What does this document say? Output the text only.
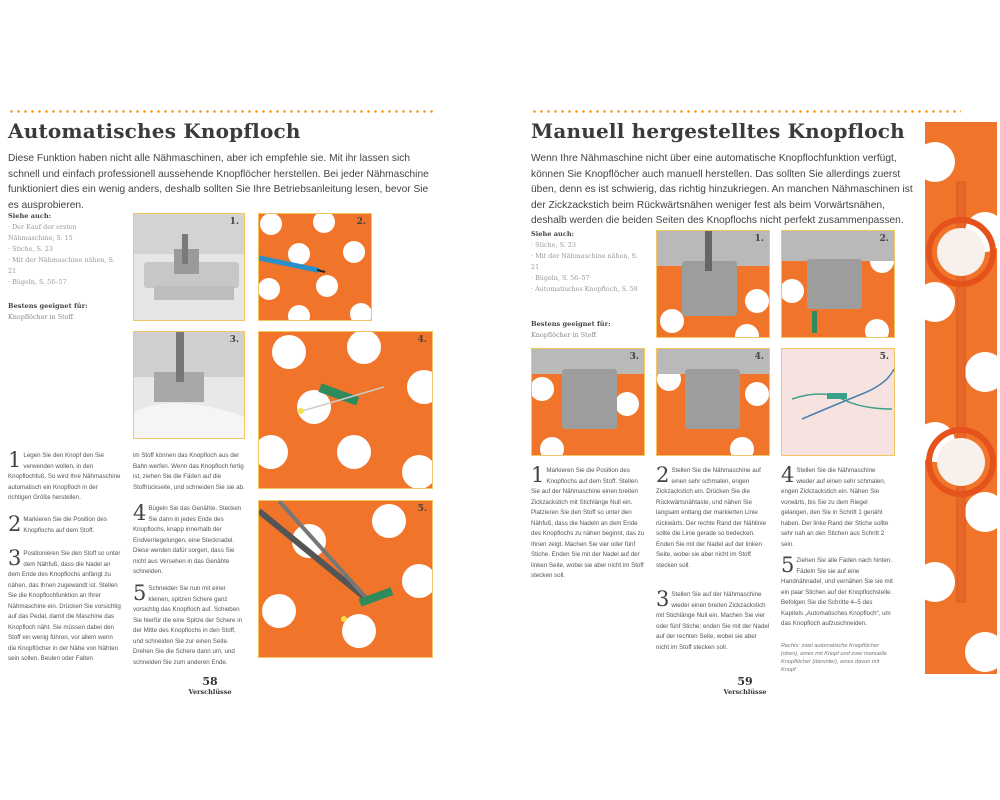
Automatisches Knopfloch

Diese Funktion haben nicht alle Nähmaschinen, aber ich empfehle sie. Mit ihr lassen sich schnell und einfach professionell aussehende Knopflöcher herstellen. Bei jeder Nähmaschine funktioniert dies ein wenig anders, deshalb sollten Sie Ihre Betriebsanleitung lesen, bevor Sie es ausprobieren.

Siehe auch:
· Der Kauf der ersten Nähmaschine, S. 15
· Stiche, S. 23
· Mit der Nähmaschine nähen, S. 21
· Bügeln, S. 56–57
Bestens geeignet für:
Knopflöcher in Stoff
1.	2.
3.	4.
5.
1 Legen Sie den Knopf den Sie verwenden wollen, in den Knopflochfuß. So wird Ihre Nähmaschine automatisch ein Knopfloch in der richtigen Größe herstellen.
2 Markieren Sie die Position des Knopflochs auf dem Stoff.
3 Positionieren Sie den Stoff so unter dem Nähfuß, dass die Nadel an dem Ende des Knopflochs anfängt zu nähen, das Ihnen zugewandt ist. Stellen Sie die Knopflochfunktion an Ihrer Nähmaschine ein. Drücken Sie vorsichtig auf das Pedal, damit die Maschine das Knopfloch näht. Sie müssen dabei den Stoff ein wenig führen, vor allem wenn die Knopflöcher in der Nähe von Nähten sein sollen. Beulen oder Falten
im Stoff können das Knopfloch aus der Bahn werfen. Wenn das Knopfloch fertig ist, ziehen Sie die Fäden auf die Stoffrückseite, und schneiden Sie sie ab.
4 Bügeln Sie das Genähte. Stecken Sie dann in jedes Ende des Knopflochs, knapp innerhalb der Endverriegelungen, eine Stecknadel. Diese werden dafür sorgen, dass Sie nicht aus Versehen in das Genähte schneiden.
5 Schneiden Sie nun mit einer kleinen, spitzen Schere ganz vorsichtig das Knopfloch auf. Schieben Sie hierfür die eine Spitze der Schere in der Mitte des Knopflochs in den Stoff, und schneiden Sie zur einen Seite. Drehen Sie die Schere dann um, und schneiden Sie zum anderen Ende.
58
Verschlüsse
Manuell hergestelltes Knopfloch

Wenn Ihre Nähmaschine nicht über eine automatische Knopflochfunktion verfügt, können Sie Knopflöcher auch manuell herstellen. Das sollten Sie allerdings zuerst üben, denn es ist schwierig, das richtig hinzukriegen. An manchen Nähmaschinen ist der Zickzackstich beim Rückwärtsnähen weniger fest als beim Vorwärtsnähen, deshalb werden die beiden Seiten des Knopflochs nicht perfekt zusammenpassen.

Siehe auch:
· Stiche, S. 23
· Mit der Nähmaschine nähen, S. 21
· Bügeln, S. 56–57
· Automatisches Knopfloch, S. 58
Bestens geeignet für:
Knopflöcher in Stoff
1.	2.
3.	4.	5.
1 Markieren Sie die Position des Knopflochs auf dem Stoff. Stellen Sie auf der Nähmaschine einen breiten Zickzackstich mit Stichlänge Null ein. Platzieren Sie den Stoff so unter den Nähfuß, dass die Nadeln an dem Ende des Knopflochs zu nähen beginnt, das zu Ihnen zeigt. Machen Sie vier oder fünf Stiche. Enden Sie mit der Nadel auf der linken Seite, wobei sie aber nicht im Stoff stecken soll.
2 Stellen Sie die Nähmaschine auf einen sehr schmalen, engen Zickzackstich ein. Drücken Sie die Rückwärtsnähtaste, und nähen Sie langsam entlang der markierten Linie rückwärts. Der rechte Rand der Nählinie sollte die Linie gerade so bedecken. Enden Sie mit der Nadel auf der linken Seite, wobei sie aber nicht im Stoff stecken soll.
3 Stellen Sie auf der Nähmaschine wieder einen breiten Zickzackstich mit Stichlänge Null ein. Machen Sie vier oder fünf Stiche; enden Sie mit der Nadel auf der rechten Seite, wobei sie aber nicht im Stoff stecken soll.
4 Stellen Sie die Nähmaschine wieder auf einen sehr schmalen, engen Zickzackstich ein. Nähen Sie vorwärts, bis Sie zu dem Riegel gelangen, den Sie in Schritt 1 genäht haben. Der linke Rand der Stiche sollte sehr nah an den Stichen aus Schritt 2 sein.
5 Ziehen Sie alle Fäden nach hinten. Fädeln Sie sie auf eine Handnähnadel, und vernähen Sie sie mit ein paar Stichen auf der Knopflochstelle. Befolgen Sie die Schritte 4–5 des Kapitels „Automatisches Knopfloch“, um das Knopfloch aufzuschneiden.
Rechts: zwei automatische Knopflöcher (oben), eines mit Knopf und zwei manuelle Knopflöcher (darunter), eines davon mit Knopf
59
Verschlüsse
